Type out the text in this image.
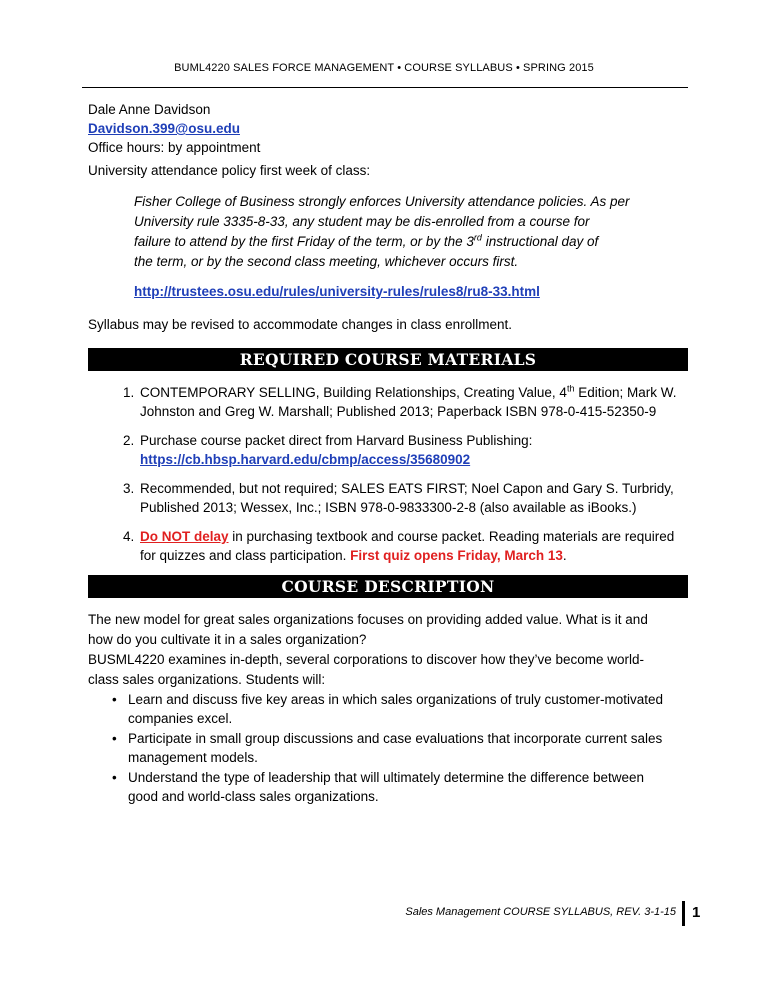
BUML4220 SALES FORCE MANAGEMENT • COURSE SYLLABUS • SPRING 2015

Dale Anne Davidson

Davidson.399@osu.edu

Office hours: by appointment

University attendance policy first week of class:

Fisher College of Business strongly enforces University attendance policies. As per
University rule 3335-8-33, any student may be dis-enrolled from a course for
failure to attend by the first Friday of the term, or by the 3rd instructional day of
the term, or by the second class meeting, whichever occurs first.
http://trustees.osu.edu/rules/university-rules/rules8/ru8-33.html

Syllabus may be revised to accommodate changes in class enrollment.

REQUIRED COURSE MATERIALS
1. CONTEMPORARY SELLING, Building Relationships, Creating Value, 4th Edition; Mark W.
Johnston and Greg W. Marshall; Published 2013; Paperback ISBN 978-0-415-52350-9
2. Purchase course packet direct from Harvard Business Publishing:
https://cb.hbsp.harvard.edu/cbmp/access/35680902
3. Recommended, but not required; SALES EATS FIRST; Noel Capon and Gary S. Turbridy,
Published 2013; Wessex, Inc.; ISBN 978-0-9833300-2-8 (also available as iBooks.)
4. Do NOT delay in purchasing textbook and course packet. Reading materials are required
for quizzes and class participation. First quiz opens Friday, March 13.
COURSE DESCRIPTION
The new model for great sales organizations focuses on providing added value. What is it and
how do you cultivate it in a sales organization?
BUSML4220 examines in-depth, several corporations to discover how they’ve become world-
class sales organizations. Students will:
• Learn and discuss five key areas in which sales organizations of truly customer-motivated
companies excel.
• Participate in small group discussions and case evaluations that incorporate current sales
management models.
• Understand the type of leadership that will ultimately determine the difference between
good and world-class sales organizations.
Sales Management COURSE SYLLABUS, REV. 3-1-15 1
